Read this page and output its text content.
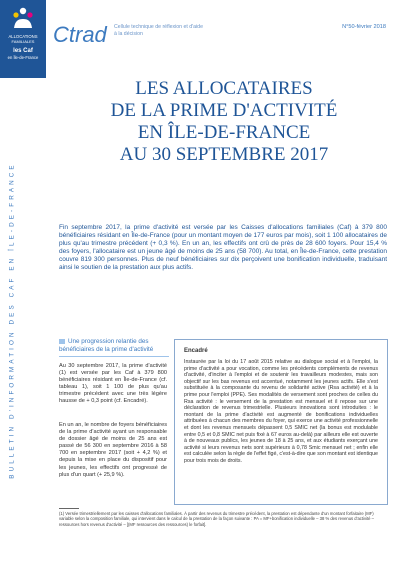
ALLOCATIONS
FAMILIALES
les Caf
en Île-de-France
BULLETIN D'INFORMATION DES CAF EN ÎLE-DE-FRANCE
Ctrad Cellule technique de réflexion et d'aide à la décision
N°50-février 2018
LES ALLOCATAIRES
DE LA PRIME D'ACTIVITÉ
EN ÎLE-DE-FRANCE
AU 30 SEPTEMBRE 2017

Fin septembre 2017, la prime d'activité est versée par les Caisses d'allocations familiales (Caf) à 379 800 bénéficiaires résidant en Île-de-France (pour un montant moyen de 177 euros par mois), soit 1 100 allocataires de plus qu'au trimestre précédent (+ 0,3 %). En un an, les effectifs ont crû de près de 28 600 foyers. Pour 15,4 % des foyers, l'allocataire est un jeune âgé de moins de 25 ans (58 700). Au total, en Île-de-France, cette prestation couvre 819 300 personnes. Plus de neuf bénéficiaires sur dix perçoivent une bonification individuelle, traduisant ainsi le soutien de la prestation aux plus actifs.

Une progression relantie des bénéficiaires de la prime d'activité

Au 30 septembre 2017, la prime d'activité (1) est versée par les Caf à 379 800 bénéficiaires résidant en Île-de-France (cf. tableau 1), soit 1 100 de plus qu'au trimestre précédent avec une très légère hausse de + 0,3 point (cf. Encadré).

En un an, le nombre de foyers bénéficiaires de la prime d'activité ayant un responsable de dossier âgé de moins de 25 ans est passé de 56 300 en septembre 2016 à 58 700 en septembre 2017 (soit + 4,2 %) et depuis la mise en place du dispositif pour les jeunes, les effectifs ont progressé de plus d'un quart (+ 25,9 %).

Encadré

Instaurée par la loi du 17 août 2015 relative au dialogue social et à l'emploi, la prime d'activité a pour vocation, comme les précédents compléments de revenus d'activité, d'inciter à l'emploi et de soutenir les travailleurs modestes, mais son objectif sur les bas revenus est accentué, notamment les jeunes actifs. Elle s'est substituée à la composante du revenu de solidarité active (Rsa activité) et à la prime pour l'emploi (PPE). Ses modalités de versement sont proches de celles du Rsa activité : le versement de la prestation est mensuel et il repose sur une déclaration de revenus trimestrielle. Plusieurs innovations sont introduites : le montant de la prime d'activité est augmenté de bonifications individuelles attribuées à chacun des membres du foyer, qui exerce une activité professionnelle et dont les revenus mensuels dépassent 0,5 SMIC net (la bonus est modulable entre 0,5 et 0,8 SMIC net puis fixé à 67 euros au-delà) par ailleurs elle est ouverte à de nouveaux publics, les jeunes de 18 à 25 ans, et aux étudiants exerçant une activité si leurs revenus nets sont supérieurs à 0,78 Smic mensuel net ; enfin elle est calculée selon la règle de l'effet figé, c'est-à-dire que son montant est identique pour trois mois de droits.

(1) Versée trimestriellement par les caisses d'allocations familiales. À partir des revenus du trimestre précédent, la prestation est dépendante d'un montant forfaitaire (MF) variable selon la composition familiale, qui intervient dans le calcul de la prestation de la façon suivante : PA = MF+bonification individuelle – 38 % des revenus d'activité – ressources hors revenus d'activité – [(MF ressources des ressources) le forfait].
